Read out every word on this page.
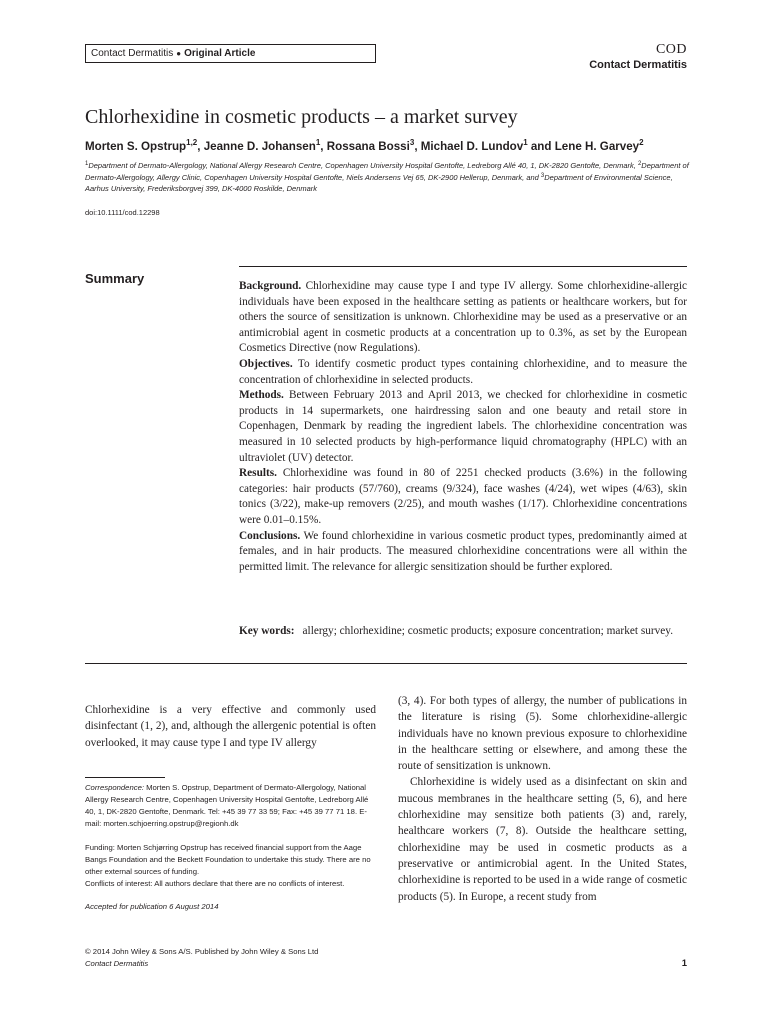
Contact Dermatitis ● Original Article	COD
Contact Dermatitis
Chlorhexidine in cosmetic products – a market survey
Morten S. Opstrup$^{1,2}$, Jeanne D. Johansen$^1$, Rossana Bossi$^3$, Michael D. Lundov$^1$ and Lene H. Garvey$^2$
$^1$Department of Dermato-Allergology, National Allergy Research Centre, Copenhagen University Hospital Gentofte, Ledreborg Allé 40, 1, DK-2820 Gentofte, Denmark, $^2$Department of Dermato-Allergology, Allergy Clinic, Copenhagen University Hospital Gentofte, Niels Andersens Vej 65, DK-2900 Hellerup, Denmark, and $^3$Department of Environmental Science, Aarhus University, Frederiksborgvej 399, DK-4000 Roskilde, Denmark
doi:10.1111/cod.12298
Summary	Background. Chlorhexidine may cause type I and type IV allergy. Some chlorhexidine-allergic individuals have been exposed in the healthcare setting as patients or healthcare workers, but for others the source of sensitization is unknown. Chlorhexidine may be used as a preservative or an antimicrobial agent in cosmetic products at a concentration up to 0.3%, as set by the European Cosmetics Directive (now Regulations).

Objectives. To identify cosmetic product types containing chlorhexidine, and to measure the concentration of chlorhexidine in selected products.

Methods. Between February 2013 and April 2013, we checked for chlorhexidine in cosmetic products in 14 supermarkets, one hairdressing salon and one beauty and retail store in Copenhagen, Denmark by reading the ingredient labels. The chlorhexidine concentration was measured in 10 selected products by high-performance liquid chromatography (HPLC) with an ultraviolet (UV) detector.

Results. Chlorhexidine was found in 80 of 2251 checked products (3.6%) in the following categories: hair products (57/760), creams (9/324), face washes (4/24), wet wipes (4/63), skin tonics (3/22), make-up removers (2/25), and mouth washes (1/17). Chlorhexidine concentrations were 0.01–0.15%.

Conclusions. We found chlorhexidine in various cosmetic product types, predominantly aimed at females, and in hair products. The measured chlorhexidine concentrations were all within the permitted limit. The relevance for allergic sensitization should be further explored.

Key words: allergy; chlorhexidine; cosmetic products; exposure concentration; market survey.

Chlorhexidine is a very effective and commonly used disinfectant (1, 2), and, although the allergenic potential is often overlooked, it may cause type I and type IV allergy

(3, 4). For both types of allergy, the number of publications in the literature is rising (5). Some chlorhexidine-allergic individuals have no known previous exposure to chlorhexidine in the healthcare setting or elsewhere, and among these the route of sensitization is unknown.

Chlorhexidine is widely used as a disinfectant on skin and mucous membranes in the healthcare setting (5, 6), and here chlorhexidine may sensitize both patients (3) and, rarely, healthcare workers (7, 8). Outside the healthcare setting, chlorhexidine may be used in cosmetic products as a preservative or antimicrobial agent. In the United States, chlorhexidine is reported to be used in a wide range of cosmetic products (5). In Europe, a recent study from

Correspondence: Morten S. Opstrup, Department of Dermato-Allergology, National Allergy Research Centre, Copenhagen University Hospital Gentofte, Ledreborg Allé 40, 1, DK-2820 Gentofte, Denmark. Tel: +45 39 77 33 59; Fax: +45 39 77 71 18. E-mail: morten.schjoerring.opstrup@regionh.dk
Funding: Morten Schjørring Opstrup has received financial support from the Aage Bangs Foundation and the Beckett Foundation to undertake this study. There are no other external sources of funding.
Conflicts of interest: All authors declare that there are no conflicts of interest.
Accepted for publication 6 August 2014
© 2014 John Wiley & Sons A/S. Published by John Wiley & Sons Ltd
Contact Dermatitis	1
